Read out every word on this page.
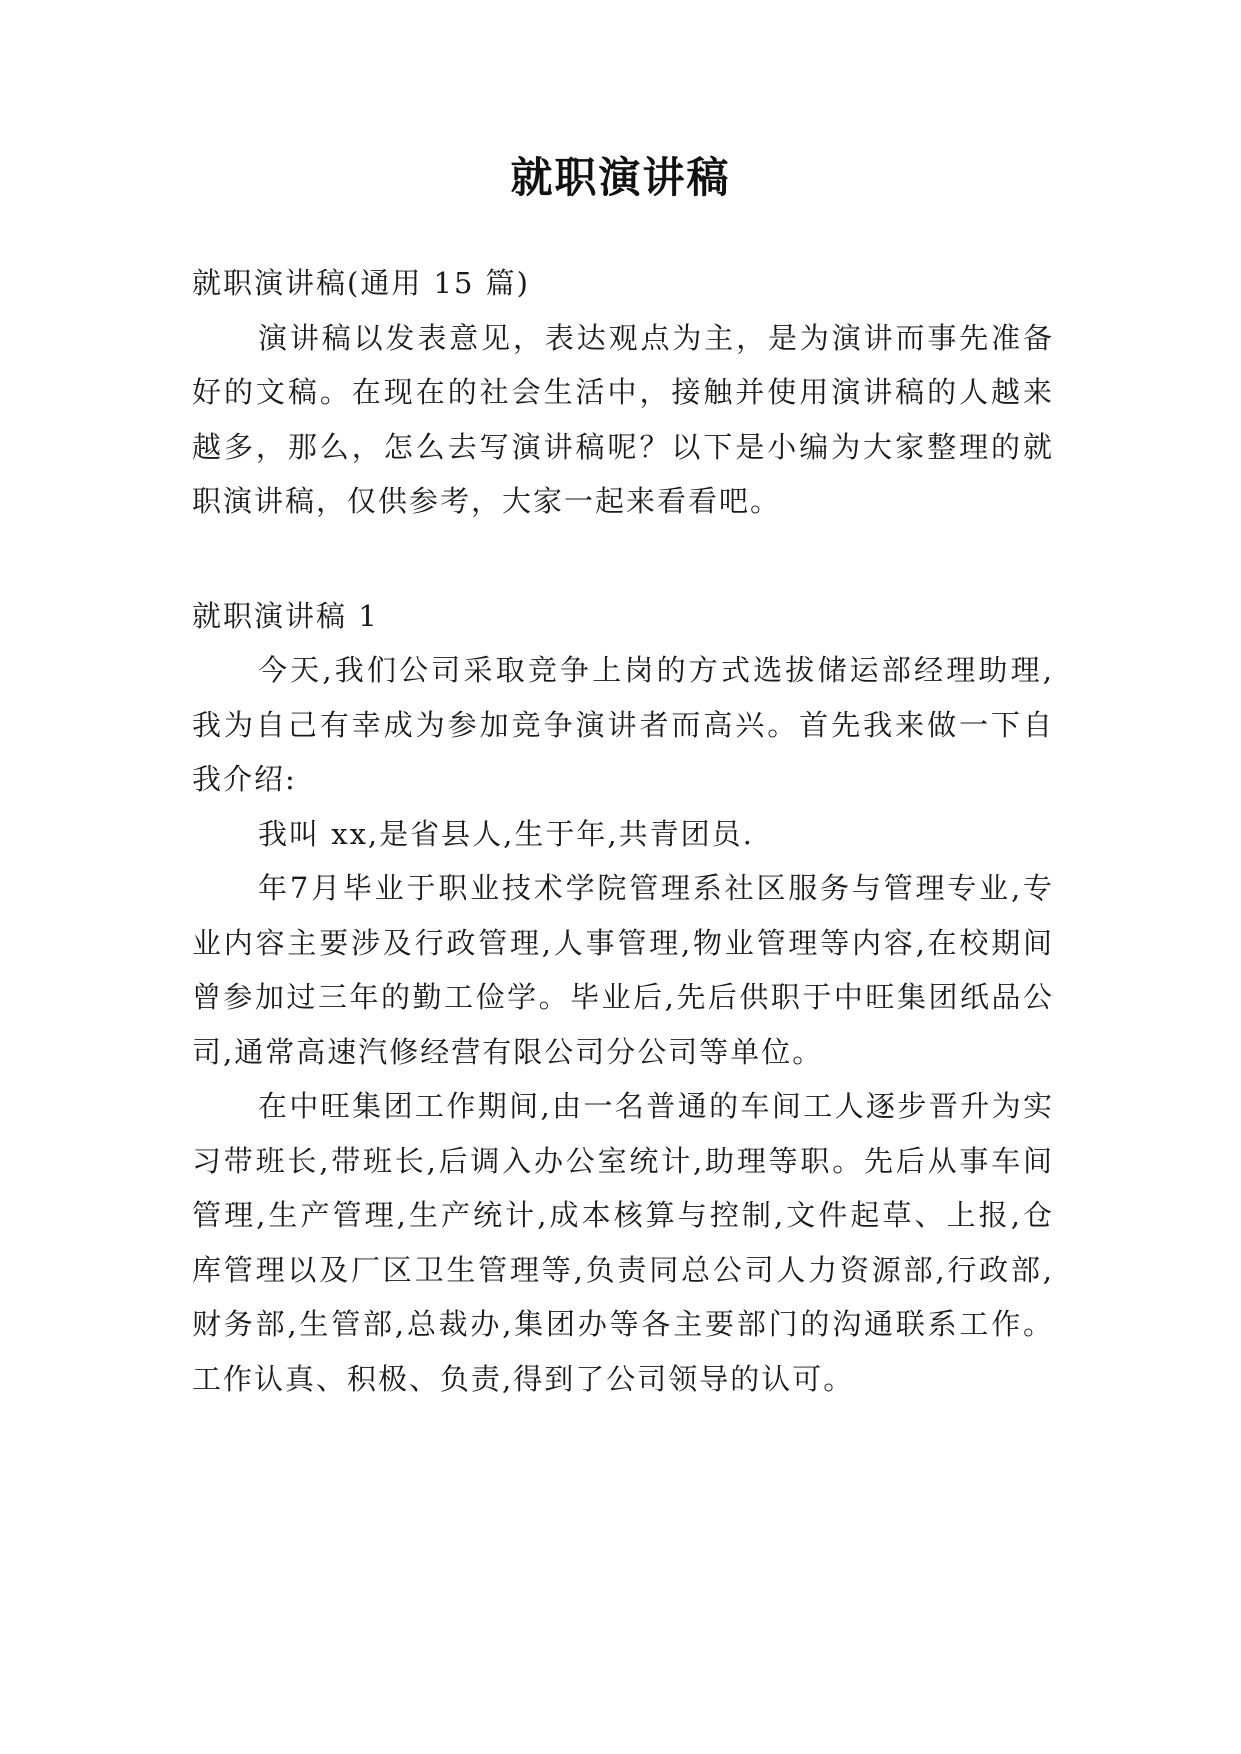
就职演讲稿

就职演讲稿(通用 15 篇)

演讲稿以发表意见，表达观点为主，是为演讲而事先准备好的文稿。在现在的社会生活中，接触并使用演讲稿的人越来越多，那么，怎么去写演讲稿呢？以下是小编为大家整理的就职演讲稿，仅供参考，大家一起来看看吧。

就职演讲稿 1

今天,我们公司采取竞争上岗的方式选拔储运部经理助理,我为自己有幸成为参加竞争演讲者而高兴。首先我来做一下自我介绍:

我叫 xx,是省县人,生于年,共青团员.

年7月毕业于职业技术学院管理系社区服务与管理专业,专业内容主要涉及行政管理,人事管理,物业管理等内容,在校期间曾参加过三年的勤工俭学。毕业后,先后供职于中旺集团纸品公司,通常高速汽修经营有限公司分公司等单位。

在中旺集团工作期间,由一名普通的车间工人逐步晋升为实习带班长,带班长,后调入办公室统计,助理等职。先后从事车间管理,生产管理,生产统计,成本核算与控制,文件起草、上报,仓库管理以及厂区卫生管理等,负责同总公司人力资源部,行政部,财务部,生管部,总裁办,集团办等各主要部门的沟通联系工作。工作认真、积极、负责,得到了公司领导的认可。
